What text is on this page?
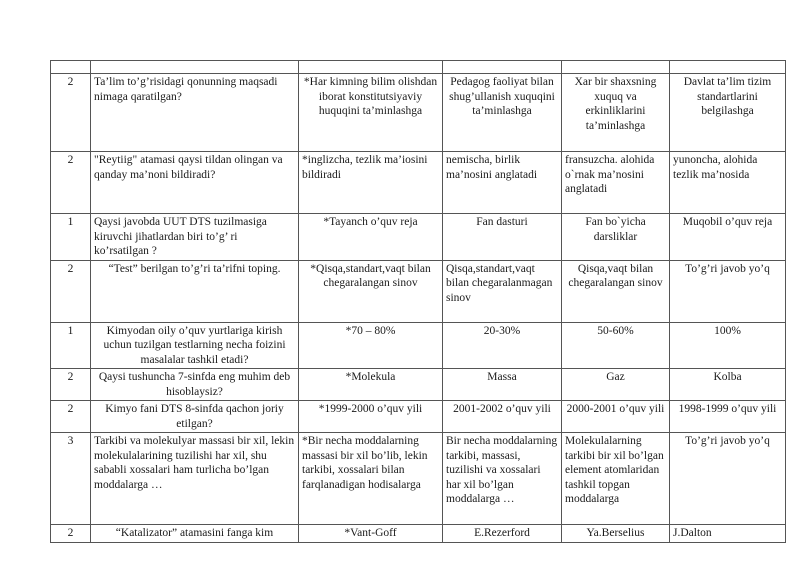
2	Ta’lim to’g’risidagi qonunning maqsadi nimaga qaratilgan?	*Har kimning bilim olishdan iborat konstitutsiyaviy huquqini ta’minlashga	Pedagog faoliyat bilan shug’ullanish xuquqini ta’minlashga	Xar bir shaxsning xuquq va erkinliklarini ta’minlashga	Davlat ta’lim tizim standartlarini belgilashga
2	"Reytiig" atamasi qaysi tildan olingan va qanday ma’noni bildiradi?	*inglizcha, tezlik ma’iosini bildiradi	nemischa, birlik ma’nosini anglatadi	fransuzcha. alohida o`rnak ma’nosini anglatadi	yunoncha, alohida tezlik ma’nosida
1	Qaysi javobda UUT DTS tuzilmasiga kiruvchi jihatlardan biri to’g’ ri ko’rsatilgan ?	*Tayanch o’quv reja	Fan dasturi	Fan bo`yicha darsliklar	Muqobil o’quv reja
2	“Test” berilgan to’g’ri ta’rifni toping.	*Qisqa,standart,vaqt bilan chegaralangan sinov	Qisqa,standart,vaqt bilan chegaralanmagan sinov	Qisqa,vaqt bilan chegaralangan sinov	To’g’ri javob yo’q
1	Kimyodan oily o’quv yurtlariga kirish uchun tuzilgan testlarning necha foizini masalalar tashkil etadi?	*70 – 80%	20-30%	50-60%	100%
2	Qaysi tushuncha 7-sinfda eng muhim deb hisoblaysiz?	*Molekula	Massa	Gaz	Kolba
2	Kimyo fani DTS 8-sinfda qachon joriy etilgan?	*1999-2000 o’quv yili	2001-2002 o’quv yili	2000-2001 o’quv yili	1998-1999 o’quv yili
3	Tarkibi va molekulyar massasi bir xil, lekin molekulalarining tuzilishi har xil, shu sababli xossalari ham turlicha bo’lgan moddalarga …	*Bir necha moddalarning massasi bir xil bo’lib, lekin tarkibi, xossalari bilan farqlanadigan hodisalarga	Bir necha moddalarning tarkibi, massasi, tuzilishi va xossalari har xil bo’lgan moddalarga …	Molekulalarning tarkibi bir xil bo’lgan element atomlaridan tashkil topgan moddalarga	To’g’ri javob yo’q
2	“Katalizator” atamasini fanga kim	*Vant-Goff	E.Rezerford	Ya.Berselius	J.Dalton
